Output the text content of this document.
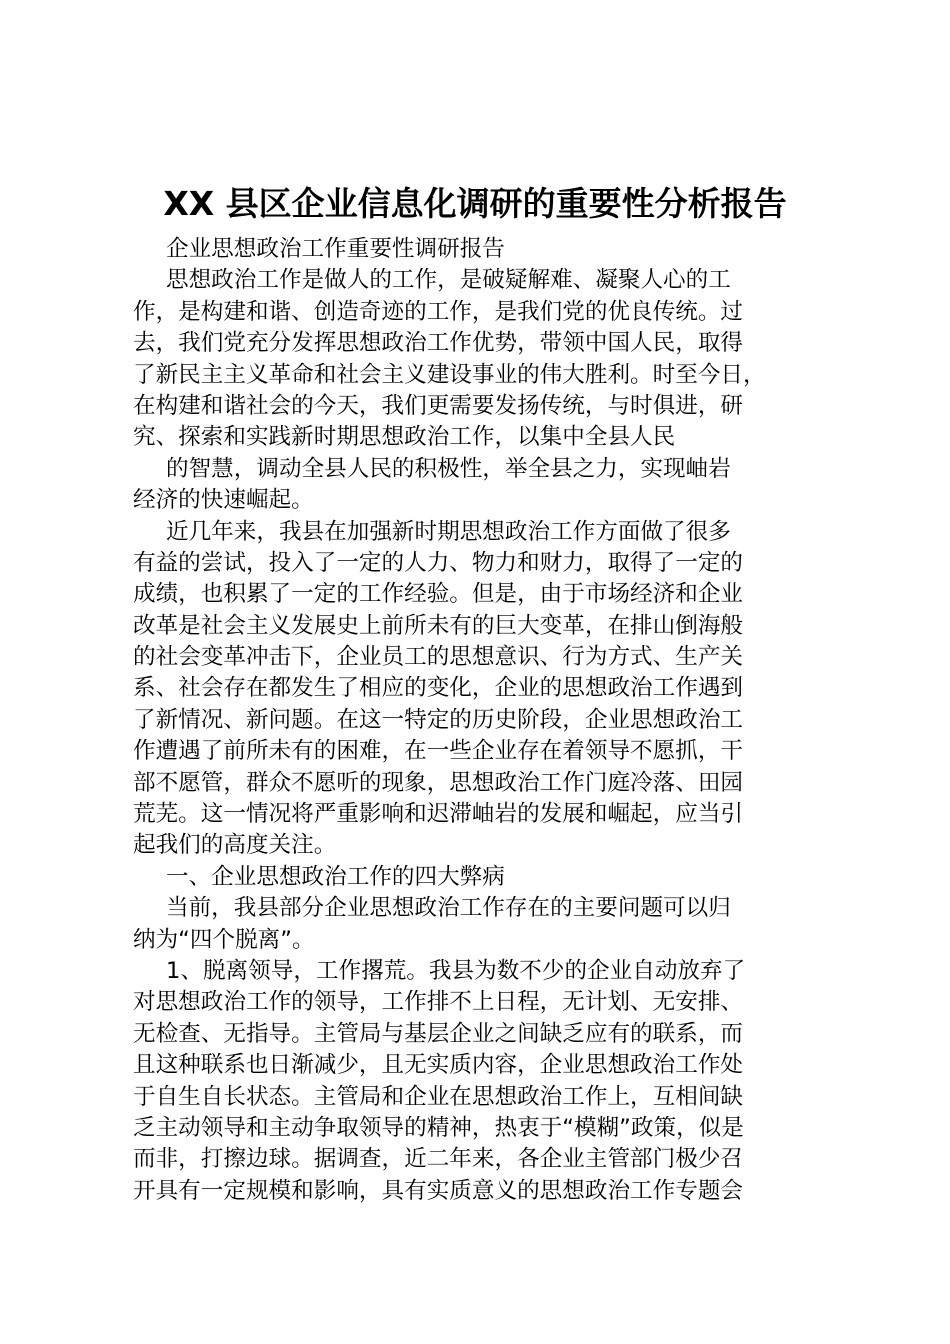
XX 县区企业信息化调研的重要性分析报告
企业思想政治工作重要性调研报告
思想政治工作是做人的工作，是破疑解难、凝聚人心的工
作，是构建和谐、创造奇迹的工作，是我们党的优良传统。过
去，我们党充分发挥思想政治工作优势，带领中国人民，取得
了新民主主义革命和社会主义建设事业的伟大胜利。时至今日，
在构建和谐社会的今天，我们更需要发扬传统，与时俱进，研
究、探索和实践新时期思想政治工作，以集中全县人民
的智慧，调动全县人民的积极性，举全县之力，实现岫岩
经济的快速崛起。
近几年来，我县在加强新时期思想政治工作方面做了很多
有益的尝试，投入了一定的人力、物力和财力，取得了一定的
成绩，也积累了一定的工作经验。但是，由于市场经济和企业
改革是社会主义发展史上前所未有的巨大变革，在排山倒海般
的社会变革冲击下，企业员工的思想意识、行为方式、生产关
系、社会存在都发生了相应的变化，企业的思想政治工作遇到
了新情况、新问题。在这一特定的历史阶段，企业思想政治工
作遭遇了前所未有的困难，在一些企业存在着领导不愿抓，干
部不愿管，群众不愿听的现象，思想政治工作门庭冷落、田园
荒芜。这一情况将严重影响和迟滞岫岩的发展和崛起，应当引
起我们的高度关注。
一、企业思想政治工作的四大弊病
当前，我县部分企业思想政治工作存在的主要问题可以归
纳为“四个脱离”。
1、脱离领导，工作撂荒。我县为数不少的企业自动放弃了
对思想政治工作的领导，工作排不上日程，无计划、无安排、
无检查、无指导。主管局与基层企业之间缺乏应有的联系，而
且这种联系也日渐减少，且无实质内容，企业思想政治工作处
于自生自长状态。主管局和企业在思想政治工作上，互相间缺
乏主动领导和主动争取领导的精神，热衷于“模糊”政策，似是
而非，打擦边球。据调查，近二年来，各企业主管部门极少召
开具有一定规模和影响，具有实质意义的思想政治工作专题会
